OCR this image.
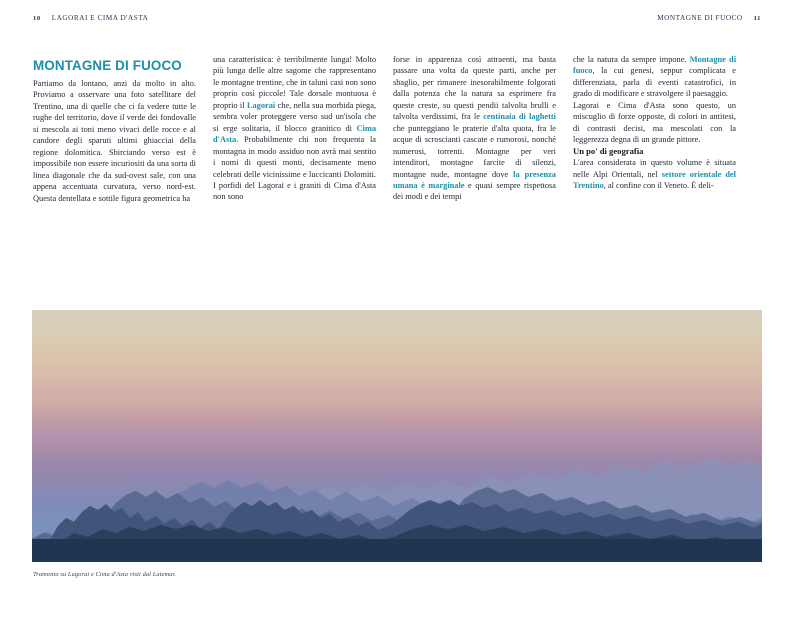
10 LAGORAI E CIMA D'ASTA	MONTAGNE DI FUOCO 11
MONTAGNE DI FUOCO

Partiamo da lontano, anzi da molto in alto. Proviamo a osservare una foto satellitare del Trentino, una di quelle che ci fa vedere tutte le rughe del territorio, dove il verde dei fondovalle si mescola ai toni meno vivaci delle rocce e al candore degli sparuti ultimi ghiacciai della regione dolomitica. Sbirciando verso est è impossibile non essere incuriositi da una sorta di linea diagonale che da sud-ovest sale, con una appena accentuata curvatura, verso nord-est. Questa dentellata e sottile figura geometrica ha

una caratteristica: è terribilmente lunga! Molto più lunga delle altre sagome che rappresentano le montagne trentine, che in taluni casi non sono proprio così piccole! Tale dorsale montuosa è proprio il Lagorai che, nella sua morbida piega, sembra voler proteggere verso sud un'isola che si erge solitaria, il blocco granitico di Cima d'Asta. Probabilmente chi non frequenta la montagna in modo assiduo non avrà mai sentito i nomi di questi monti, decisamente meno celebrati delle vicinissime e luccicanti Dolomiti. I porfidi del Lagorai e i graniti di Cima d'Asta non sono

forse in apparenza così attraenti, ma basta passare una volta da queste parti, anche per sbaglio, per rimanere inesorabilmente folgorati dalla potenza che la natura sa esprimere fra queste creste, su questi pendii talvolta brulli e talvolta verdissimi, fra le centinaia di laghetti che punteggiano le praterie d'alta quota, fra le acque di scroscianti cascate e rumorosi, nonché numerosi, torrenti. Montagne per veri intenditori, montagne farcite di silenzi, montagne nude, montagne dove la presenza umana è marginale e quasi sempre rispettosa dei modi e dei tempi

che la natura da sempre impone. Montagne di fuoco, la cui genesi, seppur complicata e differenziata, parla di eventi catastrofici, in grado di modificare e stravolgere il paesaggio.

Lagorai e Cima d'Asta sono questo, un miscuglio di forze opposte, di colori in antitesi, di contrasti decisi, ma mescolati con la leggerezza degna di un grande pittore.

Un po' di geografia

L'area considerata in questo volume è situata nelle Alpi Orientali, nel settore orientale del Trentino, al confine con il Veneto. È deli-

Tramonto su Lagorai e Cima d'Asta visti dal Latemar.
